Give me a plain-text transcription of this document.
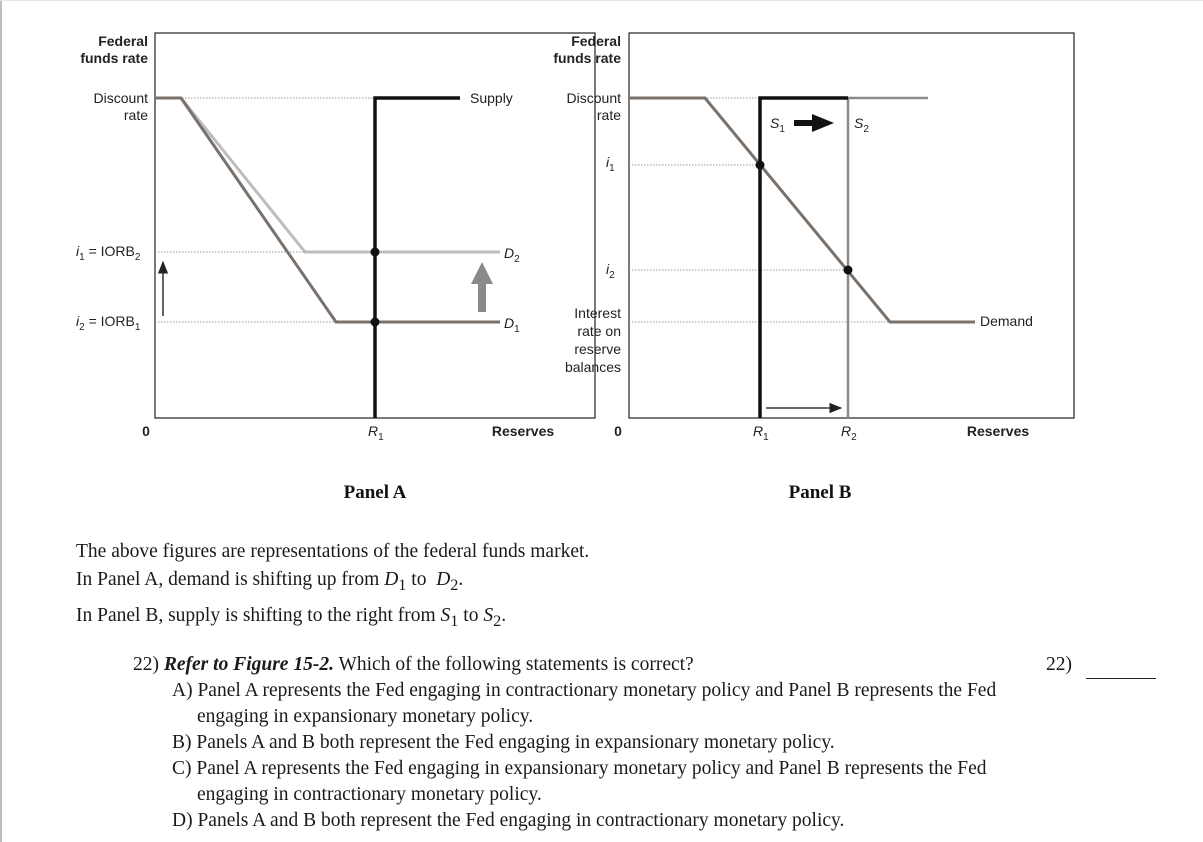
Federal
funds rate
Discount
rate
Supply
$i_1$ = $IORB_2$
$i_2$ = $IORB_1$
$D_2$
$D_1$
0	$R_1$	Reserves
Panel A
Federal
funds rate
Discount
rate
$i_1$
$i_2$
Interest
rate on
reserve
balances
Demand
$S_1$	$S_2$
0	$R_1$	$R_2$	Reserves
Panel B
The above figures are representations of the federal funds market.
In Panel A, demand is shifting up from $D_1$ to  $D_2$.
In Panel B, supply is shifting to the right from $S_1$ to $S_2$.
22) Refer to Figure 15-2. Which of the following statements is correct?
A) Panel A represents the Fed engaging in contractionary monetary policy and Panel B represents the Fed engaging in expansionary monetary policy.
B) Panels A and B both represent the Fed engaging in expansionary monetary policy.
C) Panel A represents the Fed engaging in expansionary monetary policy and Panel B represents the Fed engaging in contractionary monetary policy.
D) Panels A and B both represent the Fed engaging in contractionary monetary policy.
22)
